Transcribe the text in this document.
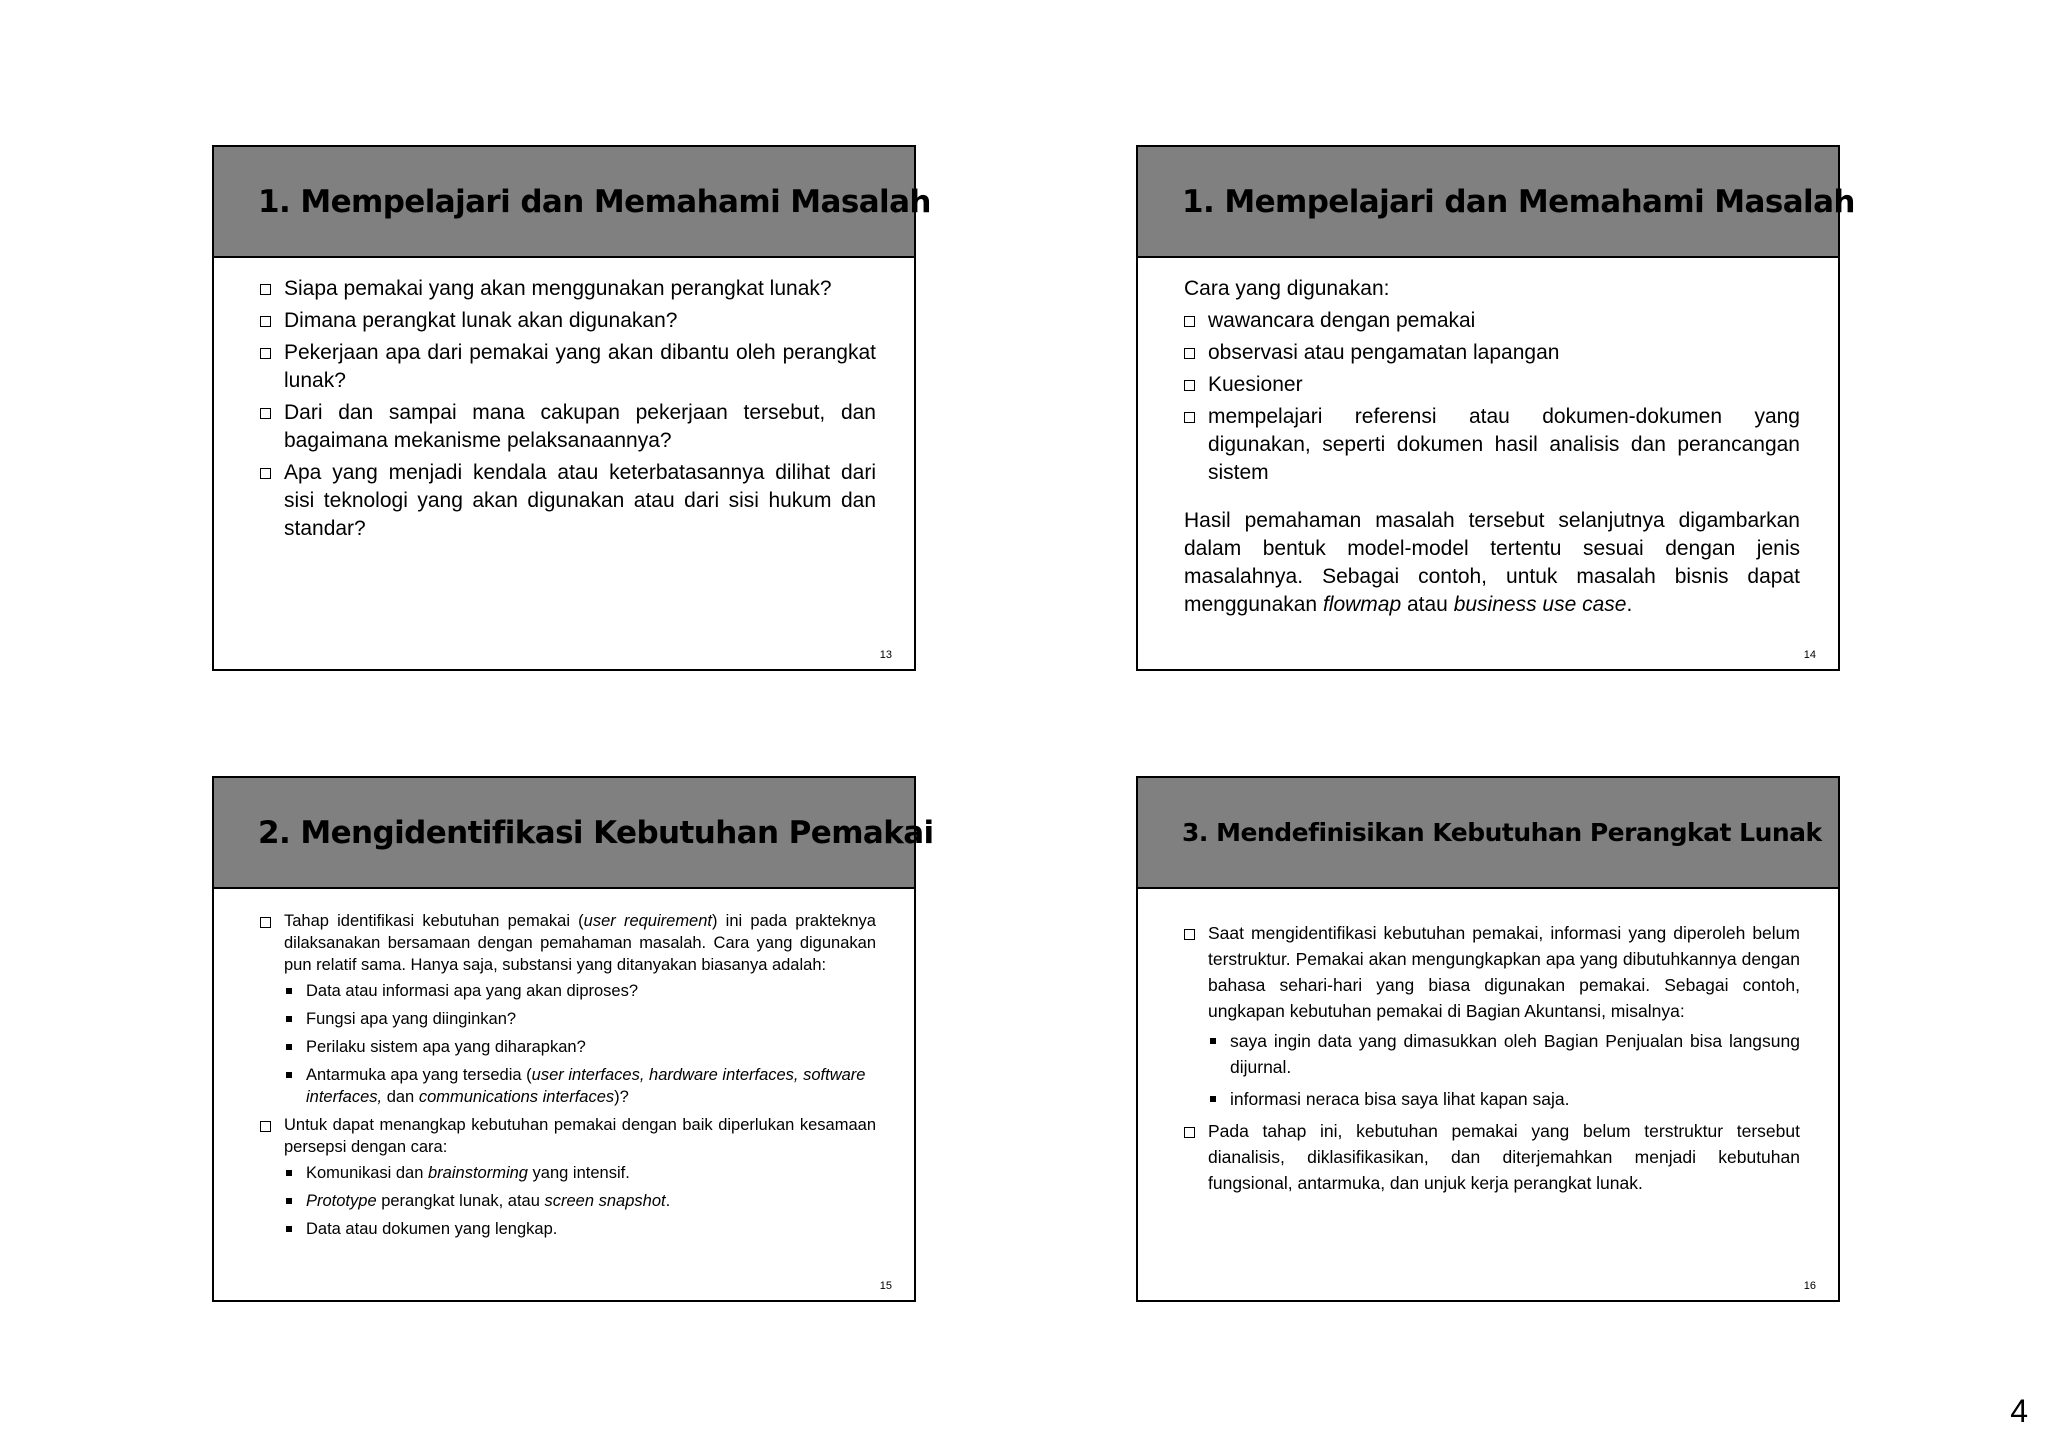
1. Mempelajari dan Memahami Masalah
Siapa pemakai yang akan menggunakan perangkat lunak?
Dimana perangkat lunak akan digunakan?
Pekerjaan apa dari pemakai yang akan dibantu oleh perangkat lunak?
Dari dan sampai mana cakupan pekerjaan tersebut, dan bagaimana mekanisme pelaksanaannya?
Apa yang menjadi kendala atau keterbatasannya dilihat dari sisi teknologi yang akan digunakan atau dari sisi hukum dan standar?
13
1. Mempelajari dan Memahami Masalah

Cara yang digunakan:

wawancara dengan pemakai
observasi atau pengamatan lapangan
Kuesioner
mempelajari referensi atau dokumen-dokumen yang digunakan, seperti dokumen hasil analisis dan perancangan sistem

Hasil pemahaman masalah tersebut selanjutnya digambarkan dalam bentuk model-model tertentu sesuai dengan jenis masalahnya. Sebagai contoh, untuk masalah bisnis dapat menggunakan flowmap atau business use case.

14
2. Mengidentifikasi Kebutuhan Pemakai
Tahap identifikasi kebutuhan pemakai (user requirement) ini pada prakteknya dilaksanakan bersamaan dengan pemahaman masalah. Cara yang digunakan pun relatif sama. Hanya saja, substansi yang ditanyakan biasanya adalah:
Data atau informasi apa yang akan diproses?
Fungsi apa yang diinginkan?
Perilaku sistem apa yang diharapkan?
Antarmuka apa yang tersedia (user interfaces, hardware interfaces, software interfaces, dan communications interfaces)?
Untuk dapat menangkap kebutuhan pemakai dengan baik diperlukan kesamaan persepsi dengan cara:
Komunikasi dan brainstorming yang intensif.
Prototype perangkat lunak, atau screen snapshot.
Data atau dokumen yang lengkap.
15
3. Mendefinisikan Kebutuhan Perangkat Lunak
Saat mengidentifikasi kebutuhan pemakai, informasi yang diperoleh belum terstruktur. Pemakai akan mengungkapkan apa yang dibutuhkannya dengan bahasa sehari-hari yang biasa digunakan pemakai. Sebagai contoh, ungkapan kebutuhan pemakai di Bagian Akuntansi, misalnya:
saya ingin data yang dimasukkan oleh Bagian Penjualan bisa langsung dijurnal.
informasi neraca bisa saya lihat kapan saja.
Pada tahap ini, kebutuhan pemakai yang belum terstruktur tersebut dianalisis, diklasifikasikan, dan diterjemahkan menjadi kebutuhan fungsional, antarmuka, dan unjuk kerja perangkat lunak.
16
4
